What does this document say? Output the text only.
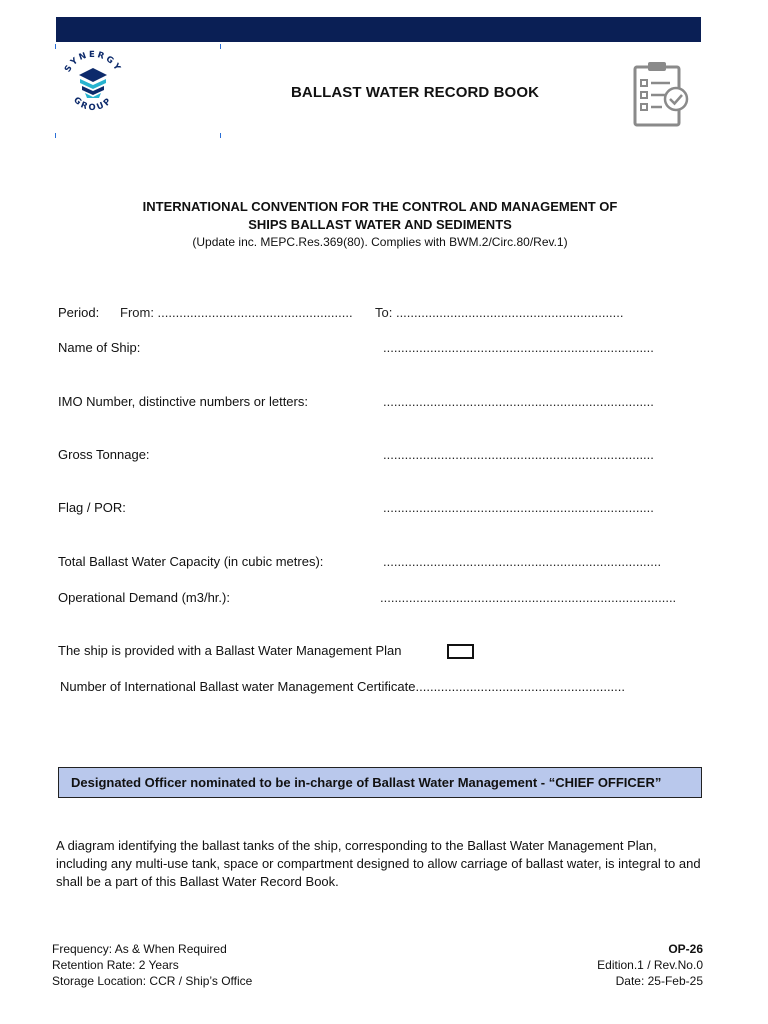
SYNERGY
GROUP
BALLAST WATER RECORD BOOK
INTERNATIONAL CONVENTION FOR THE CONTROL AND MANAGEMENT OF
SHIPS BALLAST WATER AND SEDIMENTS
(Update inc. MEPC.Res.369(80). Complies with BWM.2/Circ.80/Rev.1)
Period: From: ...................................................... To: ...............................................................
Name of Ship:	...........................................................................
IMO Number, distinctive numbers or letters:	...........................................................................
Gross Tonnage:	...........................................................................
Flag / POR:	...........................................................................
Total Ballast Water Capacity (in cubic metres):	.............................................................................
Operational Demand (m3/hr.):	..................................................................................
The ship is provided with a Ballast Water Management Plan
Number of International Ballast water Management Certificate..........................................................
Designated Officer nominated to be in-charge of Ballast Water Management - “CHIEF OFFICER”
A diagram identifying the ballast tanks of the ship, corresponding to the Ballast Water Management Plan, including any multi-use tank, space or compartment designed to allow carriage of ballast water, is integral to and shall be a part of this Ballast Water Record Book.
Frequency: As & When Required
Retention Rate: 2 Years
Storage Location: CCR / Ship’s Office
OP-26
Edition.1 / Rev.No.0
Date: 25-Feb-25
